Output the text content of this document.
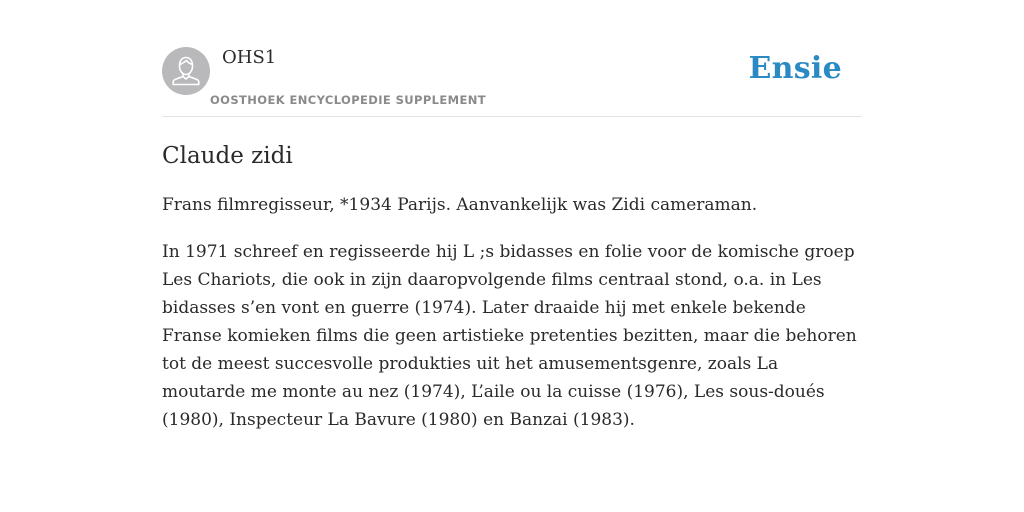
OHS1
OOSTHOEK ENCYCLOPEDIE SUPPLEMENT
Ensie
Claude zidi

Frans filmregisseur, *1934 Parijs. Aanvankelijk was Zidi cameraman.

In 1971 schreef en regisseerde hij L ;s bidasses en folie voor de komische groep Les Chariots, die ook in zijn daaropvolgende films centraal stond, o.a. in Les bidasses s’en vont en guerre (1974). Later draaide hij met enkele bekende Franse komieken films die geen artistieke pretenties bezitten, maar die behoren tot de meest succesvolle produkties uit het amusementsgenre, zoals La moutarde me monte au nez (1974), L’aile ou la cuisse (1976), Les sous-doués (1980), Inspecteur La Bavure (1980) en Banzai (1983).
